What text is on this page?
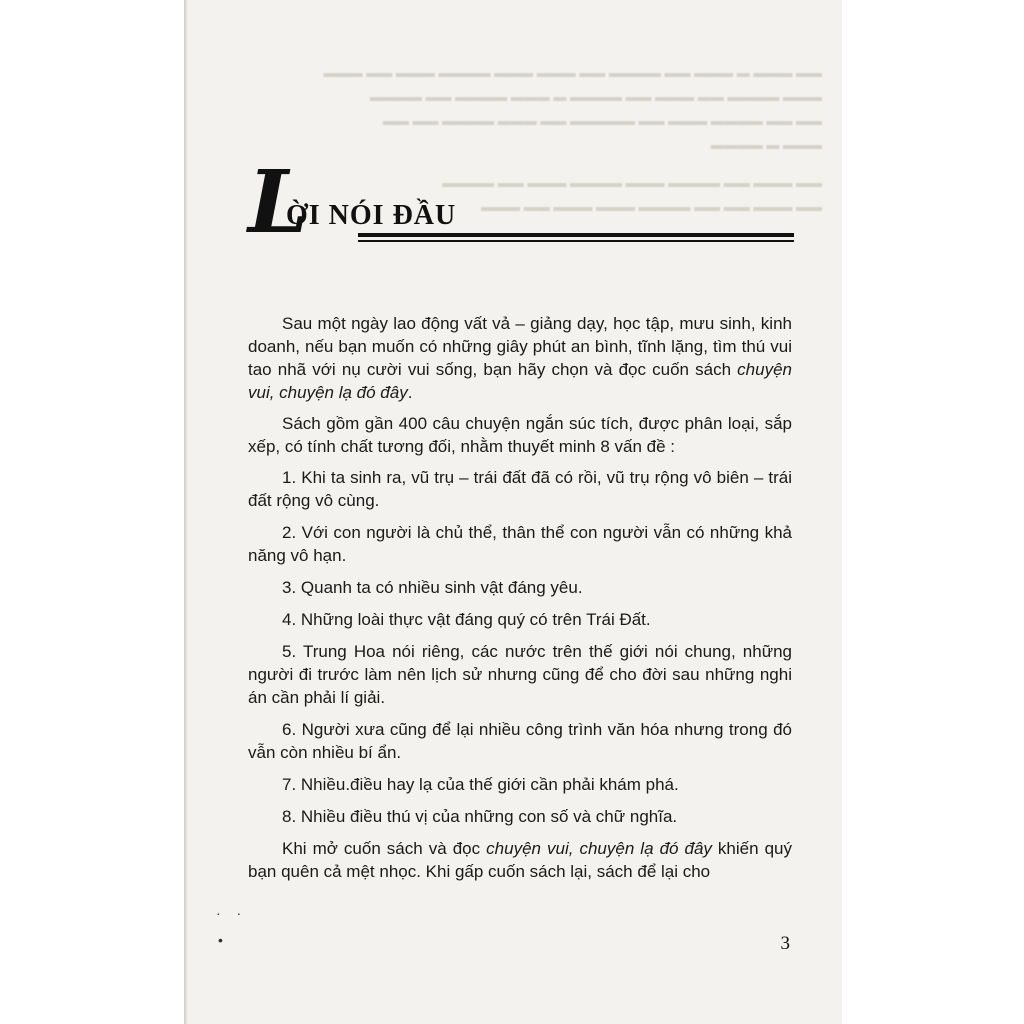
▬▬ ▬▬▬ ▬ ▬▬▬ ▬▬ ▬▬▬▬ ▬▬ ▬▬▬ ▬▬▬ ▬▬▬▬ ▬▬▬ ▬▬ ▬▬▬
▬▬▬ ▬▬▬▬ ▬▬ ▬▬▬ ▬▬ ▬▬▬▬ ▬ ▬▬▬ ▬▬▬▬ ▬▬ ▬▬▬▬
▬▬ ▬▬ ▬▬▬▬ ▬▬▬ ▬▬ ▬▬▬▬▬ ▬▬ ▬▬▬ ▬▬▬▬ ▬▬ ▬▬
▬▬▬ ▬ ▬▬▬▬
▬▬ ▬▬▬ ▬▬ ▬▬▬▬ ▬▬▬ ▬▬▬▬ ▬▬▬ ▬▬ ▬▬▬▬
▬▬ ▬▬▬ ▬▬ ▬▬ ▬▬▬▬ ▬▬▬ ▬▬▬ ▬▬ ▬▬▬
L
ỜI NÓI ĐẦU

Sau một ngày lao động vất vả – giảng dạy, học tập, mưu sinh, kinh doanh, nếu bạn muốn có những giây phút an bình, tĩnh lặng, tìm thú vui tao nhã với nụ cười vui sống, bạn hãy chọn và đọc cuốn sách chuyện vui, chuyện lạ đó đây.

Sách gồm gần 400 câu chuyện ngắn súc tích, được phân loại, sắp xếp, có tính chất tương đối, nhằm thuyết minh 8 vấn đề :

1. Khi ta sinh ra, vũ trụ – trái đất đã có rồi, vũ trụ rộng vô biên – trái đất rộng vô cùng.

2. Với con người là chủ thể, thân thể con người vẫn có những khả năng vô hạn.

3. Quanh ta có nhiều sinh vật đáng yêu.

4. Những loài thực vật đáng quý có trên Trái Đất.

5. Trung Hoa nói riêng, các nước trên thế giới nói chung, những người đi trước làm nên lịch sử nhưng cũng để cho đời sau những nghi án cần phải lí giải.

6. Người xưa cũng để lại nhiều công trình văn hóa nhưng trong đó vẫn còn nhiều bí ẩn.

7. Nhiều.điều hay lạ của thế giới cần phải khám phá.

8. Nhiều điều thú vị của những con số và chữ nghĩa.

Khi mở cuốn sách và đọc chuyện vui, chuyện lạ đó đây khiến quý bạn quên cả mệt nhọc. Khi gấp cuốn sách lại, sách để lại cho

· ·
•	3
